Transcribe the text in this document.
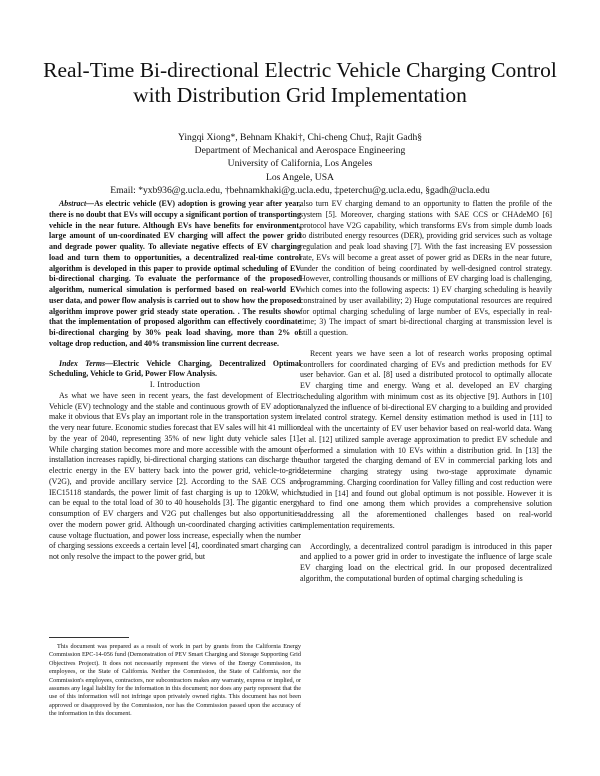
Real-Time Bi-directional Electric Vehicle Charging Control with Distribution Grid Implementation
Yingqi Xiong*, Behnam Khaki†, Chi-cheng Chu‡, Rajit Gadh§
Department of Mechanical and Aerospace Engineering
University of California, Los Angeles
Los Angele, USA
Email: *yxb936@g.ucla.edu, †behnamkhaki@g.ucla.edu, ‡peterchu@g.ucla.edu, §gadh@ucla.edu

Abstract—As electric vehicle (EV) adoption is growing year after year, there is no doubt that EVs will occupy a significant portion of transporting vehicle in the near future. Although EVs have benefits for environment, large amount of un-coordinated EV charging will affect the power grid and degrade power quality. To alleviate negative effects of EV charging load and turn them to opportunities, a decentralized real-time control algorithm is developed in this paper to provide optimal scheduling of EV bi-directional charging. To evaluate the performance of the proposed algorithm, numerical simulation is performed based on real-world EV user data, and power flow analysis is carried out to show how the proposed algorithm improve power grid steady state operation. . The results show that the implementation of proposed algorithm can effectively coordinate bi-directional charging by 30% peak load shaving, more than 2% of voltage drop reduction, and 40% transmission line current decrease.

Index Terms—Electric Vehicle Charging, Decentralized Optimal Scheduling, Vehicle to Grid, Power Flow Analysis.

I. Introduction

As what we have seen in recent years, the fast development of Electric Vehicle (EV) technology and the stable and continuous growth of EV adoption make it obvious that EVs play an important role in the transportation system in the very near future. Economic studies forecast that EV sales will hit 41 million by the year of 2040, representing 35% of new light duty vehicle sales [1]. While charging station becomes more and more accessible with the amount of installation increases rapidly, bi-directional charging stations can discharge the electric energy in the EV battery back into the power grid, vehicle-to-grid (V2G), and provide ancillary service [2]. According to the SAE CCS and IEC15118 standards, the power limit of fast charging is up to 120kW, which can be equal to the total load of 30 to 40 households [3]. The gigantic energy consumption of EV chargers and V2G put challenges but also opportunities over the modern power grid. Although un-coordinated charging activities can cause voltage fluctuation, and power loss increase, especially when the number of charging sessions exceeds a certain level [4], coordinated smart charging can not only resolve the impact to the power grid, but

This document was prepared as a result of work in part by grants from the California Energy Commission EPC-14-056 fund (Demonstration of PEV Smart Charging and Storage Supporting Grid Objectives Project). It does not necessarily represent the views of the Energy Commission, its employees, or the State of California. Neither the Commission, the State of California, nor the Commission's employees, contractors, nor subcontractors makes any warranty, express or implied, or assumes any legal liability for the information in this document; nor does any party represent that the use of this information will not infringe upon privately owned rights. This document has not been approved or disapproved by the Commission, nor has the Commission passed upon the accuracy of the information in this document.

also turn EV charging demand to an opportunity to flatten the profile of the system [5]. Moreover, charging stations with SAE CCS or CHAdeMO [6] protocol have V2G capability, which transforms EVs from simple dumb loads to distributed energy resources (DER), providing grid services such as voltage regulation and peak load shaving [7]. With the fast increasing EV possession rate, EVs will become a great asset of power grid as DERs in the near future, under the condition of being coordinated by well-designed control strategy. However, controlling thousands or millions of EV charging load is challenging, which comes into the following aspects: 1) EV charging scheduling is heavily constrained by user availability; 2) Huge computational resources are required for optimal charging scheduling of large number of EVs, especially in real-time; 3) The impact of smart bi-directional charging at transmission level is still a question.

Recent years we have seen a lot of research works proposing optimal controllers for coordinated charging of EVs and prediction methods for EV user behavior. Gan et al. [8] used a distributed protocol to optimally allocate EV charging time and energy. Wang et al. developed an EV charging scheduling algorithm with minimum cost as its objective [9]. Authors in [10] analyzed the influence of bi-directional EV charging to a building and provided related control strategy. Kernel density estimation method is used in [11] to deal with the uncertainty of EV user behavior based on real-world data. Wang et al. [12] utilized sample average approximation to predict EV schedule and performed a simulation with 10 EVs within a distribution grid. In [13] the author targeted the charging demand of EV in commercial parking lots and determine charging strategy using two-stage approximate dynamic programming. Charging coordination for Valley filling and cost reduction were studied in [14] and found out global optimum is not possible. However it is hard to find one among them which provides a comprehensive solution addressing all the aforementioned challenges based on real-world implementation requirements.

Accordingly, a decentralized control paradigm is introduced in this paper and applied to a power grid in order to investigate the influence of large scale EV charging load on the electrical grid. In our proposed decentralized algorithm, the computational burden of optimal charging scheduling is
